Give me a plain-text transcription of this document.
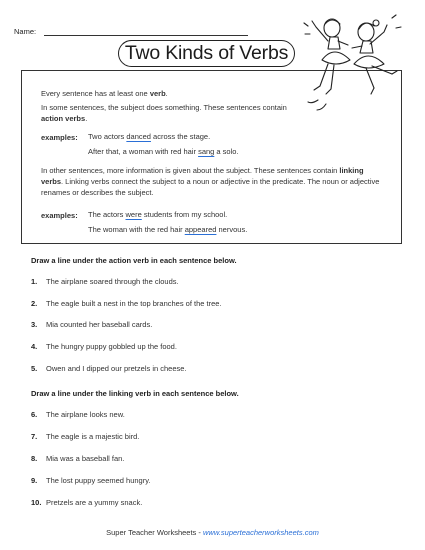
Name:
Two Kinds of Verbs
Every sentence has at least one verb.
In some sentences, the subject does something. These sentences contain action verbs.
examples: Two actors danced across the stage.
After that, a woman with red hair sang a solo.
In other sentences, more information is given about the subject. These sentences contain linking verbs. Linking verbs connect the subject to a noun or adjective in the predicate. The noun or adjective renames or describes the subject.
examples: The actors were students from my school.
The woman with the red hair appeared nervous.
Draw a line under the action verb in each sentence below.
1. The airplane soared through the clouds.
2. The eagle built a nest in the top branches of the tree.
3. Mia counted her baseball cards.
4. The hungry puppy gobbled up the food.
5. Owen and I dipped our pretzels in cheese.
Draw a line under the linking verb in each sentence below.
6. The airplane looks new.
7. The eagle is a majestic bird.
8. Mia was a baseball fan.
9. The lost puppy seemed hungry.
10. Pretzels are a yummy snack.
Super Teacher Worksheets - www.superteacherworksheets.com
